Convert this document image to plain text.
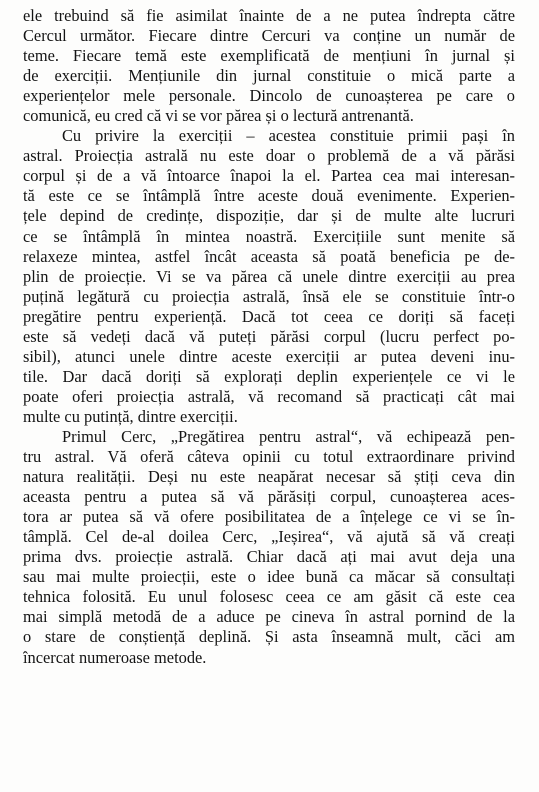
ele trebuind să fie asimilat înainte de a ne putea îndrepta către
Cercul următor. Fiecare dintre Cercuri va conține un număr de
teme. Fiecare temă este exemplificată de mențiuni în jurnal și
de exerciții. Mențiunile din jurnal constituie o mică parte a
experiențelor mele personale. Dincolo de cunoașterea pe care o
comunică, eu cred că vi se vor părea și o lectură antrenantă.

Cu privire la exerciții – acestea constituie primii pași în
astral. Proiecția astrală nu este doar o problemă de a vă părăsi
corpul și de a vă întoarce înapoi la el. Partea cea mai interesan-
tă este ce se întâmplă între aceste două evenimente. Experien-
țele depind de credințe, dispoziție, dar și de multe alte lucruri
ce se întâmplă în mintea noastră. Exercițiile sunt menite să
relaxeze mintea, astfel încât aceasta să poată beneficia pe de-
plin de proiecție. Vi se va părea că unele dintre exerciții au prea
puțină legătură cu proiecția astrală, însă ele se constituie într-o
pregătire pentru experiență. Dacă tot ceea ce doriți să faceți
este să vedeți dacă vă puteți părăsi corpul (lucru perfect po-
sibil), atunci unele dintre aceste exerciții ar putea deveni inu-
tile. Dar dacă doriți să explorați deplin experiențele ce vi le
poate oferi proiecția astrală, vă recomand să practicați cât mai
multe cu putință, dintre exerciții.

Primul Cerc, „Pregătirea pentru astral“, vă echipează pen-
tru astral. Vă oferă câteva opinii cu totul extraordinare privind
natura realității. Deși nu este neapărat necesar să știți ceva din
aceasta pentru a putea să vă părăsiți corpul, cunoașterea aces-
tora ar putea să vă ofere posibilitatea de a înțelege ce vi se în-
tâmplă. Cel de-al doilea Cerc, „Ieșirea“, vă ajută să vă creați
prima dvs. proiecție astrală. Chiar dacă ați mai avut deja una
sau mai multe proiecții, este o idee bună ca măcar să consultați
tehnica folosită. Eu unul folosesc ceea ce am găsit că este cea
mai simplă metodă de a aduce pe cineva în astral pornind de la
o stare de conștiență deplină. Și asta înseamnă mult, căci am
încercat numeroase metode.
